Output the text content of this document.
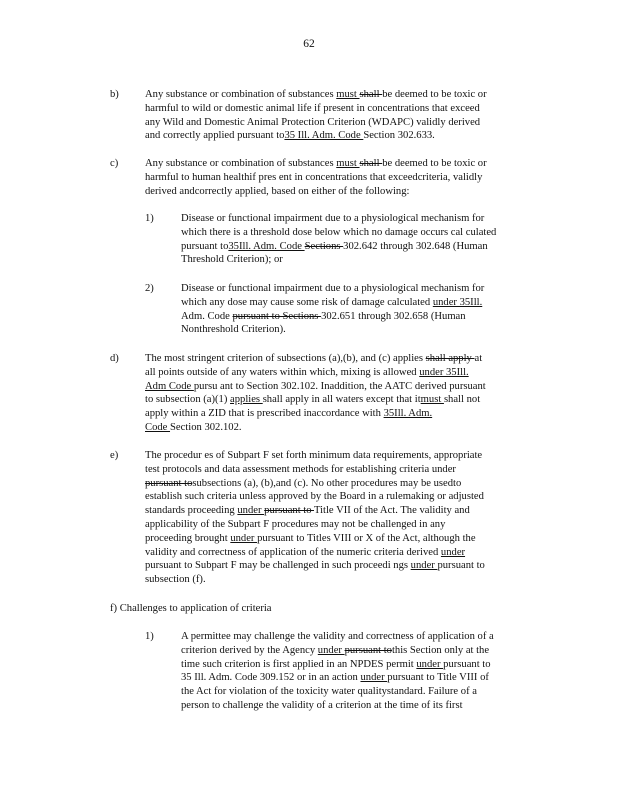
62
b) Any substance or combination of substances must shall be deemed to be toxic or
harmful to wild or domestic animal life if present in concentrations that exceed
any Wild and Domestic Animal Protection Criterion (WDAPC) validly derived
and correctly applied pursuant to35 Ill. Adm. Code Section 302.633.
c)	Any substance or combination of substances must shall be deemed to be toxic or
harmful to human healthif pres ent in concentrations that exceedcriteria, validly
derived andcorrectly applied, based on either of the following:
1)	Disease or functional impairment due to a physiological mechanism for
which there is a threshold dose below which no damage occurs cal culated
pursuant to35Ill. Adm. Code Sections 302.642 through 302.648 (Human
Threshold Criterion); or
2)	Disease or functional impairment due to a physiological mechanism for
which any dose may cause some risk of damage calculated under 35Ill.
Adm. Code pursuant to Sections 302.651 through 302.658 (Human
Nonthreshold Criterion).
d) The most stringent criterion of subsections (a),(b), and (c) applies shall apply at
all points outside of any waters within which, mixing is allowed under 35Ill.
Adm Code pursu ant to Section 302.102. Inaddition, the AATC derived pursuant
to subsection (a)(1) applies shall apply in all waters except that itmust shall not
apply within a ZID that is prescribed inaccordance with 35Ill. Adm.
Code Section 302.102.
e)	The procedur es of Subpart F set forth minimum data requirements, appropriate
test protocols and data assessment methods for establishing criteria under
pursuant tosubsections (a), (b),and (c). No other procedures may be usedto
establish such criteria unless approved by the Board in a rulemaking or adjusted
standards proceeding under pursuant to Title VII of the Act. The validity and
applicability of the Subpart F procedures may not be challenged in any
proceeding brought under pursuant to Titles VIII or X of the Act, although the
validity and correctness of application of the numeric criteria derived under
pursuant to Subpart F may be challenged in such proceedi ngs under pursuant to
subsection (f).
f) Challenges to application of criteria
1)	A permittee may challenge the validity and correctness of application of a
criterion derived by the Agency under pursuant tothis Section only at the
time such criterion is first applied in an NPDES permit under pursuant to
35 Ill. Adm. Code 309.152 or in an action under pursuant to Title VIII of
the Act for violation of the toxicity water qualitystandard. Failure of a
person to challenge the validity of a criterion at the time of its first
